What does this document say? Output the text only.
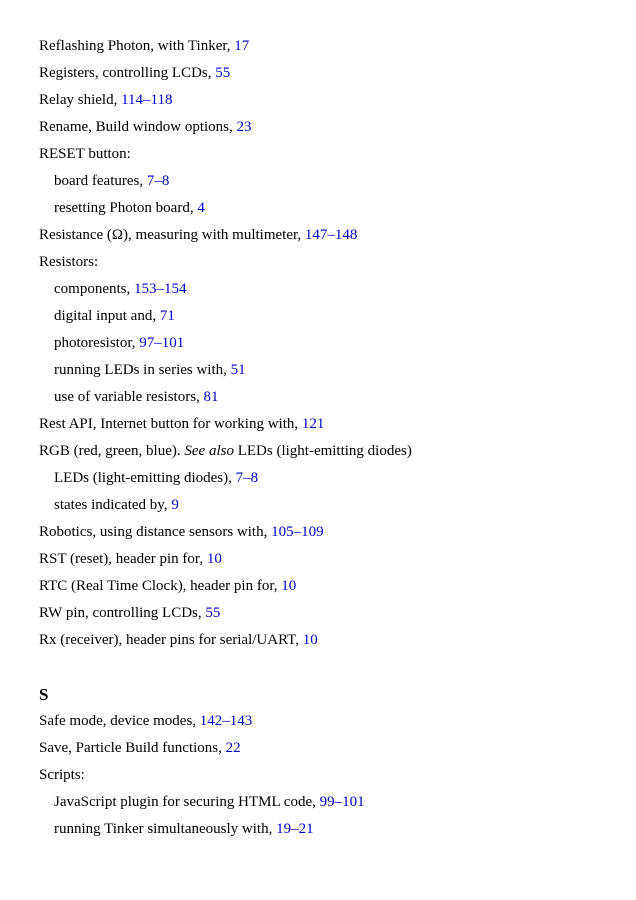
Reflashing Photon, with Tinker, 17
Registers, controlling LCDs, 55
Relay shield, 114–118
Rename, Build window options, 23
RESET button:
board features, 7–8
resetting Photon board, 4
Resistance (Ω), measuring with multimeter, 147–148
Resistors:
components, 153–154
digital input and, 71
photoresistor, 97–101
running LEDs in series with, 51
use of variable resistors, 81
Rest API, Internet button for working with, 121
RGB (red, green, blue). See also LEDs (light-emitting diodes)
LEDs (light-emitting diodes), 7–8
states indicated by, 9
Robotics, using distance sensors with, 105–109
RST (reset), header pin for, 10
RTC (Real Time Clock), header pin for, 10
RW pin, controlling LCDs, 55
Rx (receiver), header pins for serial/UART, 10
S
Safe mode, device modes, 142–143
Save, Particle Build functions, 22
Scripts:
JavaScript plugin for securing HTML code, 99–101
running Tinker simultaneously with, 19–21
